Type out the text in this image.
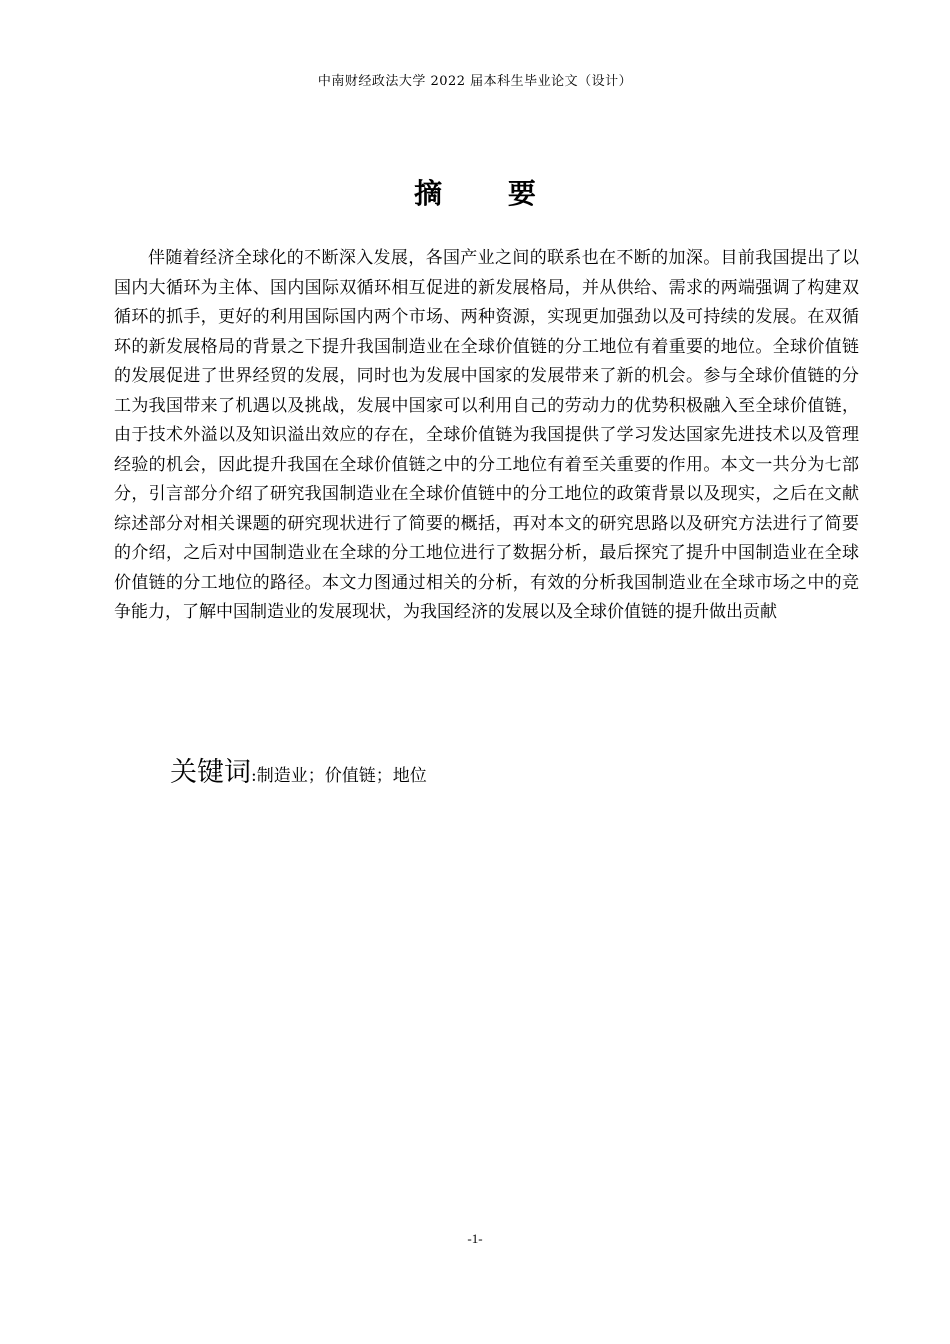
中南财经政法大学 2022 届本科生毕业论文（设计）
摘 要

伴随着经济全球化的不断深入发展，各国产业之间的联系也在不断的加深。目前我国提出了以国内大循环为主体、国内国际双循环相互促进的新发展格局，并从供给、需求的两端强调了构建双循环的抓手，更好的利用国际国内两个市场、两种资源，实现更加强劲以及可持续的发展。在双循环的新发展格局的背景之下提升我国制造业在全球价值链的分工地位有着重要的地位。全球价值链的发展促进了世界经贸的发展，同时也为发展中国家的发展带来了新的机会。参与全球价值链的分工为我国带来了机遇以及挑战，发展中国家可以利用自己的劳动力的优势积极融入至全球价值链，由于技术外溢以及知识溢出效应的存在，全球价值链为我国提供了学习发达国家先进技术以及管理经验的机会，因此提升我国在全球价值链之中的分工地位有着至关重要的作用。本文一共分为七部分，引言部分介绍了研究我国制造业在全球价值链中的分工地位的政策背景以及现实，之后在文献综述部分对相关课题的研究现状进行了简要的概括，再对本文的研究思路以及研究方法进行了简要的介绍，之后对中国制造业在全球的分工地位进行了数据分析，最后探究了提升中国制造业在全球价值链的分工地位的路径。本文力图通过相关的分析，有效的分析我国制造业在全球市场之中的竞争能力，了解中国制造业的发展现状，为我国经济的发展以及全球价值链的提升做出贡献

关键词:制造业；价值链；地位
-1-
